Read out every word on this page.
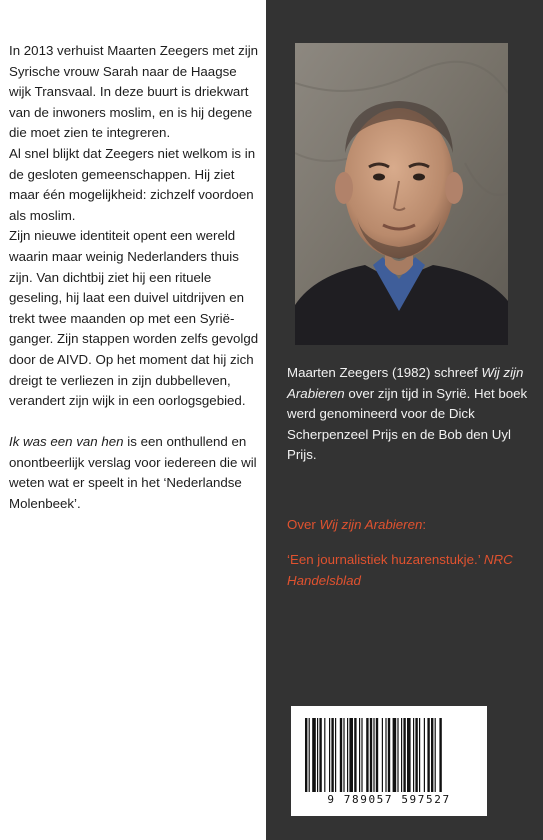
In 2013 verhuist Maarten Zeegers met zijn Syrische vrouw Sarah naar de Haagse wijk Transvaal. In deze buurt is driekwart van de inwoners moslim, en is hij degene die moet zien te integreren.

Al snel blijkt dat Zeegers niet welkom is in de gesloten gemeenschappen. Hij ziet maar één mogelijkheid: zichzelf voordoen als moslim.

Zijn nieuwe identiteit opent een wereld waarin maar weinig Nederlanders thuis zijn. Van dichtbij ziet hij een rituele geseling, hij laat een duivel uitdrijven en trekt twee maanden op met een Syrië-ganger. Zijn stappen worden zelfs gevolgd door de AIVD. Op het moment dat hij zich dreigt te verliezen in zijn dubbelleven, verandert zijn wijk in een oorlogsgebied.

Ik was een van hen is een onthullend en onontbeerlijk verslag voor iedereen die wil weten wat er speelt in het ‘Nederlandse Molenbeek’.

Maarten Zeegers (1982) schreef Wij zijn Arabieren over zijn tijd in Syrië. Het boek werd genomineerd voor de Dick Scherpenzeel Prijs en de Bob den Uyl Prijs.
Over Wij zijn Arabieren:
‘Een journalistiek huzarenstukje.’ NRC Handelsblad
9 789057 597527
